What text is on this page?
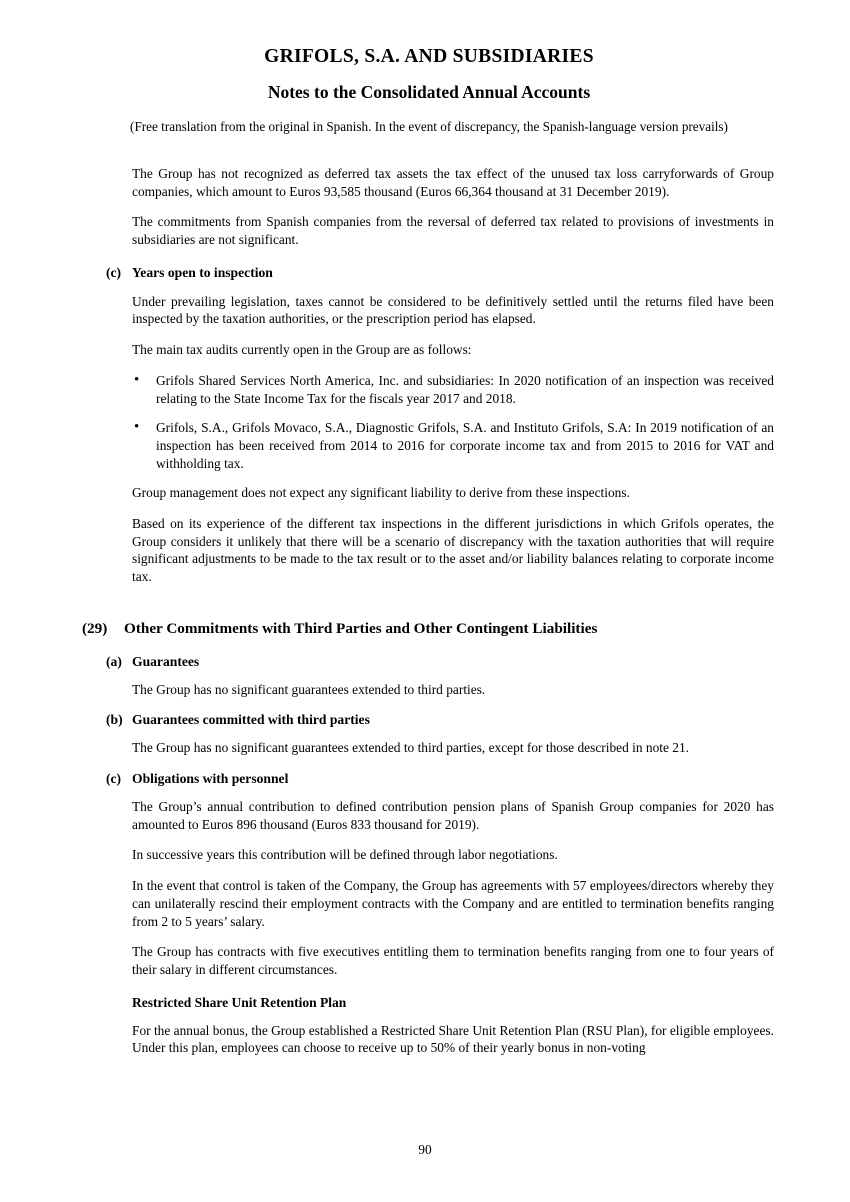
GRIFOLS, S.A. AND SUBSIDIARIES
Notes to the Consolidated Annual Accounts
(Free translation from the original in Spanish. In the event of discrepancy, the Spanish-language version prevails)

The Group has not recognized as deferred tax assets the tax effect of the unused tax loss carryforwards of Group companies, which amount to Euros 93,585 thousand (Euros 66,364 thousand at 31 December 2019).

The commitments from Spanish companies from the reversal of deferred tax related to provisions of investments in subsidiaries are not significant.

(c) Years open to inspection

Under prevailing legislation, taxes cannot be considered to be definitively settled until the returns filed have been inspected by the taxation authorities, or the prescription period has elapsed.

The main tax audits currently open in the Group are as follows:

• Grifols Shared Services North America, Inc. and subsidiaries: In 2020 notification of an inspection was received relating to the State Income Tax for the fiscals year 2017 and 2018.
• Grifols, S.A., Grifols Movaco, S.A., Diagnostic Grifols, S.A. and Instituto Grifols, S.A: In 2019 notification of an inspection has been received from 2014 to 2016 for corporate income tax and from 2015 to 2016 for VAT and withholding tax.

Group management does not expect any significant liability to derive from these inspections.

Based on its experience of the different tax inspections in the different jurisdictions in which Grifols operates, the Group considers it unlikely that there will be a scenario of discrepancy with the taxation authorities that will require significant adjustments to be made to the tax result or to the asset and/or liability balances relating to corporate income tax.

(29)	Other Commitments with Third Parties and Other Contingent Liabilities
(a) Guarantees

The Group has no significant guarantees extended to third parties.

(b) Guarantees committed with third parties

The Group has no significant guarantees extended to third parties, except for those described in note 21.

(c) Obligations with personnel

The Group’s annual contribution to defined contribution pension plans of Spanish Group companies for 2020 has amounted to Euros 896 thousand (Euros 833 thousand for 2019).

In successive years this contribution will be defined through labor negotiations.

In the event that control is taken of the Company, the Group has agreements with 57 employees/directors whereby they can unilaterally rescind their employment contracts with the Company and are entitled to termination benefits ranging from 2 to 5 years’ salary.

The Group has contracts with five executives entitling them to termination benefits ranging from one to four years of their salary in different circumstances.

Restricted Share Unit Retention Plan

For the annual bonus, the Group established a Restricted Share Unit Retention Plan (RSU Plan), for eligible employees. Under this plan, employees can choose to receive up to 50% of their yearly bonus in non-voting

90
